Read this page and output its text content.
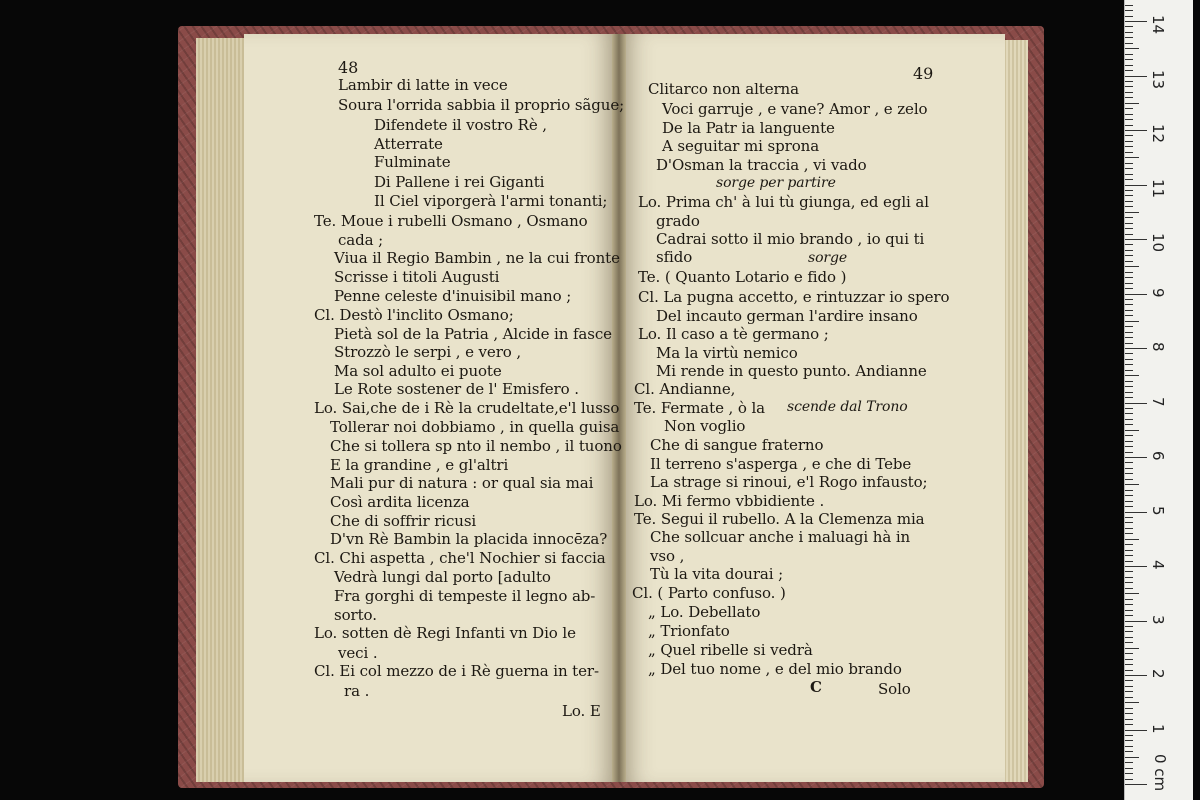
48
Lambir di latte in vece
Soura l'orrida sabbia il proprio sãgue;
Difendete il vostro Rè ,
Atterrate
Fulminate
Di Pallene i rei Giganti
Il Ciel viporgerà l'armi tonanti;
Te. Moue i rubelli Osmano , Osmano
cada ;
Viua il Regio Bambin , ne la cui fronte
Scrisse i titoli Augusti
Penne celeste d'inuisibil mano ;
Cl. Destò l'inclito Osmano;
Pietà sol de la Patria , Alcide in fasce
Strozzò le serpi , e vero ,
Ma sol adulto ei puote
Le Rote sostener de l' Emisfero .
Lo. Sai,che de i Rè la crudeltate,e'l lusso
Tollerar noi dobbiamo , in quella guisa
Che si tollera sp nto il nembo , il tuono
E la grandine , e gl'altri
Mali pur di natura : or qual sia mai
Così ardita licenza
Che di soffrir ricusi
D'vn Rè Bambin la placida innocēza?
Cl. Chi aspetta , che'l Nochier si faccia
Vedrà lungi dal porto [adulto
Fra gorghi di tempeste il legno ab-
sorto.
Lo. sotten dè Regi Infanti vn Dio le
veci .
Cl. Ei col mezzo de i Rè guerna in ter-
ra .
49
sorge per partire
sorge
scende dal Trono
C	Solo
Clitarco non alterna
Voci garruje , e vane? Amor , e zelo
De la Patr ia languente
A seguitar mi sprona
D'Osman la traccia , vi vado
Lo. Prima ch' à lui tù giunga, ed egli al
grado
Cadrai sotto il mio brando , io qui ti
sfido
Te. ( Quanto Lotario e fido )
Cl. La pugna accetto, e rintuzzar io spero
Del incauto german l'ardire insano
Lo. Il caso a tè germano ;
Ma la virtù nemico
Mi rende in questo punto. Andianne
Cl. Andianne,
Te. Fermate , ò la
Non voglio
Che di sangue fraterno
Il terreno s'asperga , e che di Tebe
La strage si rinoui, e'l Rogo infausto;
Lo. Mi fermo vbbidiente .
Te. Segui il rubello. A la Clemenza mia
Che sollcuar anche i maluagi hà in
vso ,
Tù la vita dourai ;
Cl. ( Parto confuso. )
„ Lo. Debellato
„ Trionfato
„ Quel ribelle si vedrà
„ Del tuo nome , e del mio brando
Lo. E
1
2
3
4
5
6
7
8
9
10
11
12
13
14
0 cm
